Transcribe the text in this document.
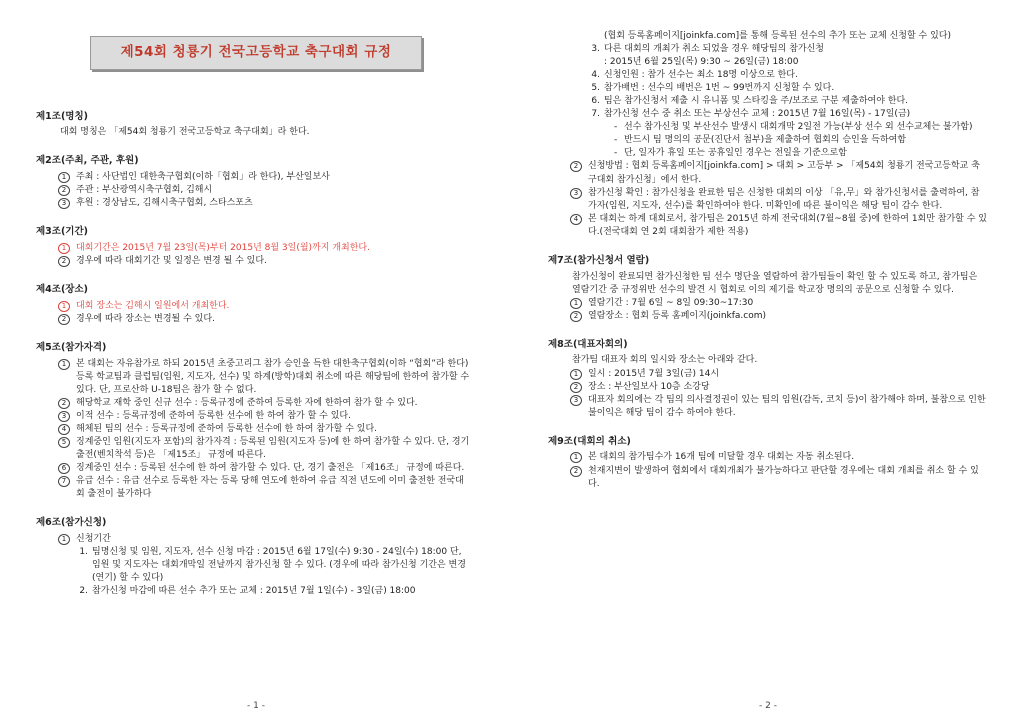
제54회 청룡기 전국고등학교 축구대회 규정
제1조(명칭)
대회 명칭은 「제54회 청룡기 전국고등학교 축구대회」라 한다.
제2조(주최, 주관, 후원)
1
주최 : 사단법인 대한축구협회(이하「협회」라 한다), 부산일보사
2
주관 : 부산광역시축구협회, 김해시
3
후원 : 경상남도, 김해시축구협회, 스타스포츠
제3조(기간)
1
대회기간은 2015년 7월 23일(목)부터 2015년 8월 3일(월)까지 개최한다.
2
경우에 따라 대회기간 및 일정은 변경 될 수 있다.
제4조(장소)
1
대회 장소는 김해시 일원에서 개최한다.
2
경우에 따라 장소는 변경될 수 있다.
제5조(참가자격)
1
본 대회는 자유참가로 하되 2015년 초중고리그 참가 승인을 득한 대한축구협회(이하 “협회”라 한다) 등록 학교팀과 클럽팀(임원, 지도자, 선수) 및 하계(방학)대회 취소에 따른 해당팀에 한하여 참가할 수 있다. 단, 프로산하 U-18팀은 참가 할 수 없다.
2
해당학교 재학 중인 신규 선수 : 등록규정에 준하여 등록한 자에 한하여 참가 할 수 있다.
3
이적 선수 : 등록규정에 준하여 등록한 선수에 한 하여 참가 할 수 있다.
4
해체된 팀의 선수 : 등록규정에 준하여 등록한 선수에 한 하여 참가할 수 있다.
5
징계중인 임원(지도자 포함)의 참가자격 : 등록된 임원(지도자 등)에 한 하여 참가할 수 있다. 단, 경기출전(벤치착석 등)은 「제15조」 규정에 따른다.
6
징계중인 선수 : 등록된 선수에 한 하여 참가할 수 있다. 단, 경기 출전은 「제16조」 규정에 따른다.
7
유급 선수 : 유급 선수로 등록한 자는 등록 당해 연도에 한하여 유급 직전 년도에 이미 출전한 전국대회 출전이 불가하다
제6조(참가신청)
1
신청기간
1. 팀명신청 및 임원, 지도자, 선수 신청 마감 : 2015년 6월 17일(수) 9:30 - 24일(수) 18:00 단, 임원 및 지도자는 대회개막일 전날까지 참가신청 할 수 있다. (경우에 따라 참가신청 기간은 변경(연기) 할 수 있다)
2. 참가신청 마감에 따른 선수 추가 또는 교체 : 2015년 7월 1일(수) - 3일(금) 18:00
- 1 -
(협회 등록홈페이지[joinkfa.com]를 통해 등록된 선수의 추가 또는 교체 신청할 수 있다)
3. 다른 대회의 개최가 취소 되었을 경우 해당팀의 참가신청
: 2015년 6월 25일(목) 9:30 ~ 26일(금) 18:00
4. 신청인원 : 참가 선수는 최소 18명 이상으로 한다.
5. 참가배번 : 선수의 배번은 1번 ~ 99번까지 신청할 수 있다.
6. 팀은 참가신청서 제출 시 유니폼 및 스타킹을 주/보조로 구분 제출하여야 한다.
7. 참가신청 선수 중 취소 또는 부상선수 교체 : 2015년 7월 16일(목) - 17일(금)
- 선수 참가신청 및 부산선수 발생시 대회개막 2일전 가능(부상 선수 외 선수교체는 불가함)
- 반드시 팀 명의의 공문(진단서 첨부)을 제출하여 협회의 승인을 득하여함
- 단, 일자가 휴일 또는 공휴일인 경우는 전일을 기준으로함
2
신청방법 : 협회 등록홈페이지[joinkfa.com] > 대회 > 고등부 > 「제54회 청룡기 전국고등학교 축구대회 참가신청」에서 한다.
3
참가신청 확인 : 참가신청을 완료한 팀은 신청한 대회의 이상 「유,무」와 참가신청서를 출력하여, 참가자(임원, 지도자, 선수)를 확인하여야 한다. 미확인에 따른 불이익은 해당 팀이 감수 한다.
4
본 대회는 하계 대회로서, 참가팀은 2015년 하계 전국대회(7월~8월 중)에 한하여 1회만 참가할 수 있다.(전국대회 연 2회 대회참가 제한 적용)
제7조(참가신청서 열람)
참가신청이 완료되면 참가신청한 팀 선수 명단을 열람하여 참가팀들이 확인 할 수 있도록 하고, 참가팀은 열람기간 중 규정위반 선수의 발견 시 협회로 이의 제기를 학교장 명의의 공문으로 신청할 수 있다.
1
열람기간 : 7월 6일 ~ 8일 09:30~17:30
2
열람장소 : 협회 등록 홈페이지(joinkfa.com)
제8조(대표자회의)
참가팀 대표자 회의 일시와 장소는 아래와 같다.
1
일시 : 2015년 7월 3일(금) 14시
2
장소 : 부산일보사 10층 소강당
3
대표자 회의에는 각 팀의 의사결정권이 있는 팀의 임원(감독, 코치 등)이 참가해야 하며, 불참으로 인한 불이익은 해당 팀이 감수 하여야 한다.
제9조(대회의 취소)
1
본 대회의 참가팀수가 16개 팀에 미달할 경우 대회는 자동 취소된다.
2
천재지변이 발생하여 협회에서 대회개최가 불가능하다고 판단할 경우에는 대회 개최를 취소 할 수 있다.
- 2 -
